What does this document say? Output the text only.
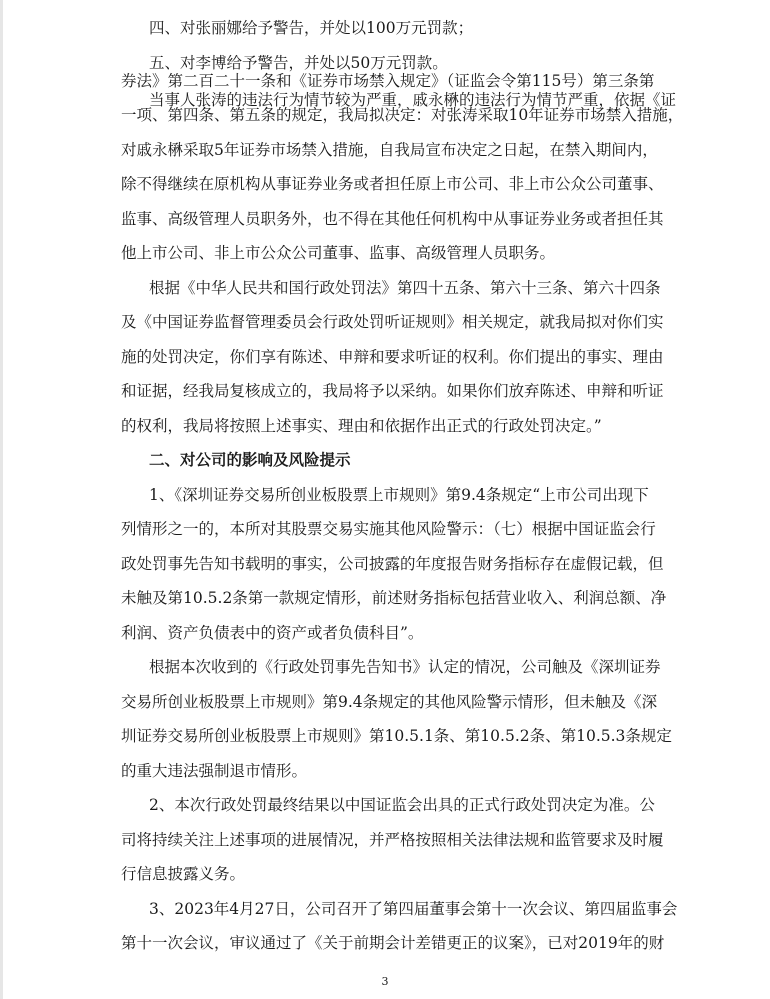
四、对张丽娜给予警告，并处以100万元罚款；
五、对李博给予警告，并处以50万元罚款。
当事人张涛的违法行为情节较为严重，戚永楙的违法行为情节严重，依据《证
券法》第二百二十一条和《证券市场禁入规定》（证监会令第115号）第三条第
一项、第四条、第五条的规定，我局拟决定：对张涛采取10年证券市场禁入措施，
对戚永楙采取5年证券市场禁入措施，自我局宣布决定之日起，在禁入期间内，
除不得继续在原机构从事证券业务或者担任原上市公司、非上市公众公司董事、
监事、高级管理人员职务外，也不得在其他任何机构中从事证券业务或者担任其
他上市公司、非上市公众公司董事、监事、高级管理人员职务。
根据《中华人民共和国行政处罚法》第四十五条、第六十三条、第六十四条
及《中国证券监督管理委员会行政处罚听证规则》相关规定，就我局拟对你们实
施的处罚决定，你们享有陈述、申辩和要求听证的权利。你们提出的事实、理由
和证据，经我局复核成立的，我局将予以采纳。如果你们放弃陈述、申辩和听证
的权利，我局将按照上述事实、理由和依据作出正式的行政处罚决定。”
二、对公司的影响及风险提示
1、《深圳证券交易所创业板股票上市规则》第9.4条规定“上市公司出现下
列情形之一的，本所对其股票交易实施其他风险警示：（七）根据中国证监会行
政处罚事先告知书载明的事实，公司披露的年度报告财务指标存在虚假记载，但
未触及第10.5.2条第一款规定情形，前述财务指标包括营业收入、利润总额、净
利润、资产负债表中的资产或者负债科目”。
根据本次收到的《行政处罚事先告知书》认定的情况，公司触及《深圳证券
交易所创业板股票上市规则》第9.4条规定的其他风险警示情形，但未触及《深
圳证券交易所创业板股票上市规则》第10.5.1条、第10.5.2条、第10.5.3条规定
的重大违法强制退市情形。
2、本次行政处罚最终结果以中国证监会出具的正式行政处罚决定为准。公
司将持续关注上述事项的进展情况，并严格按照相关法律法规和监管要求及时履
行信息披露义务。
3、2023年4月27日，公司召开了第四届董事会第十一次会议、第四届监事会
第十一次会议，审议通过了《关于前期会计差错更正的议案》，已对2019年的财
3
